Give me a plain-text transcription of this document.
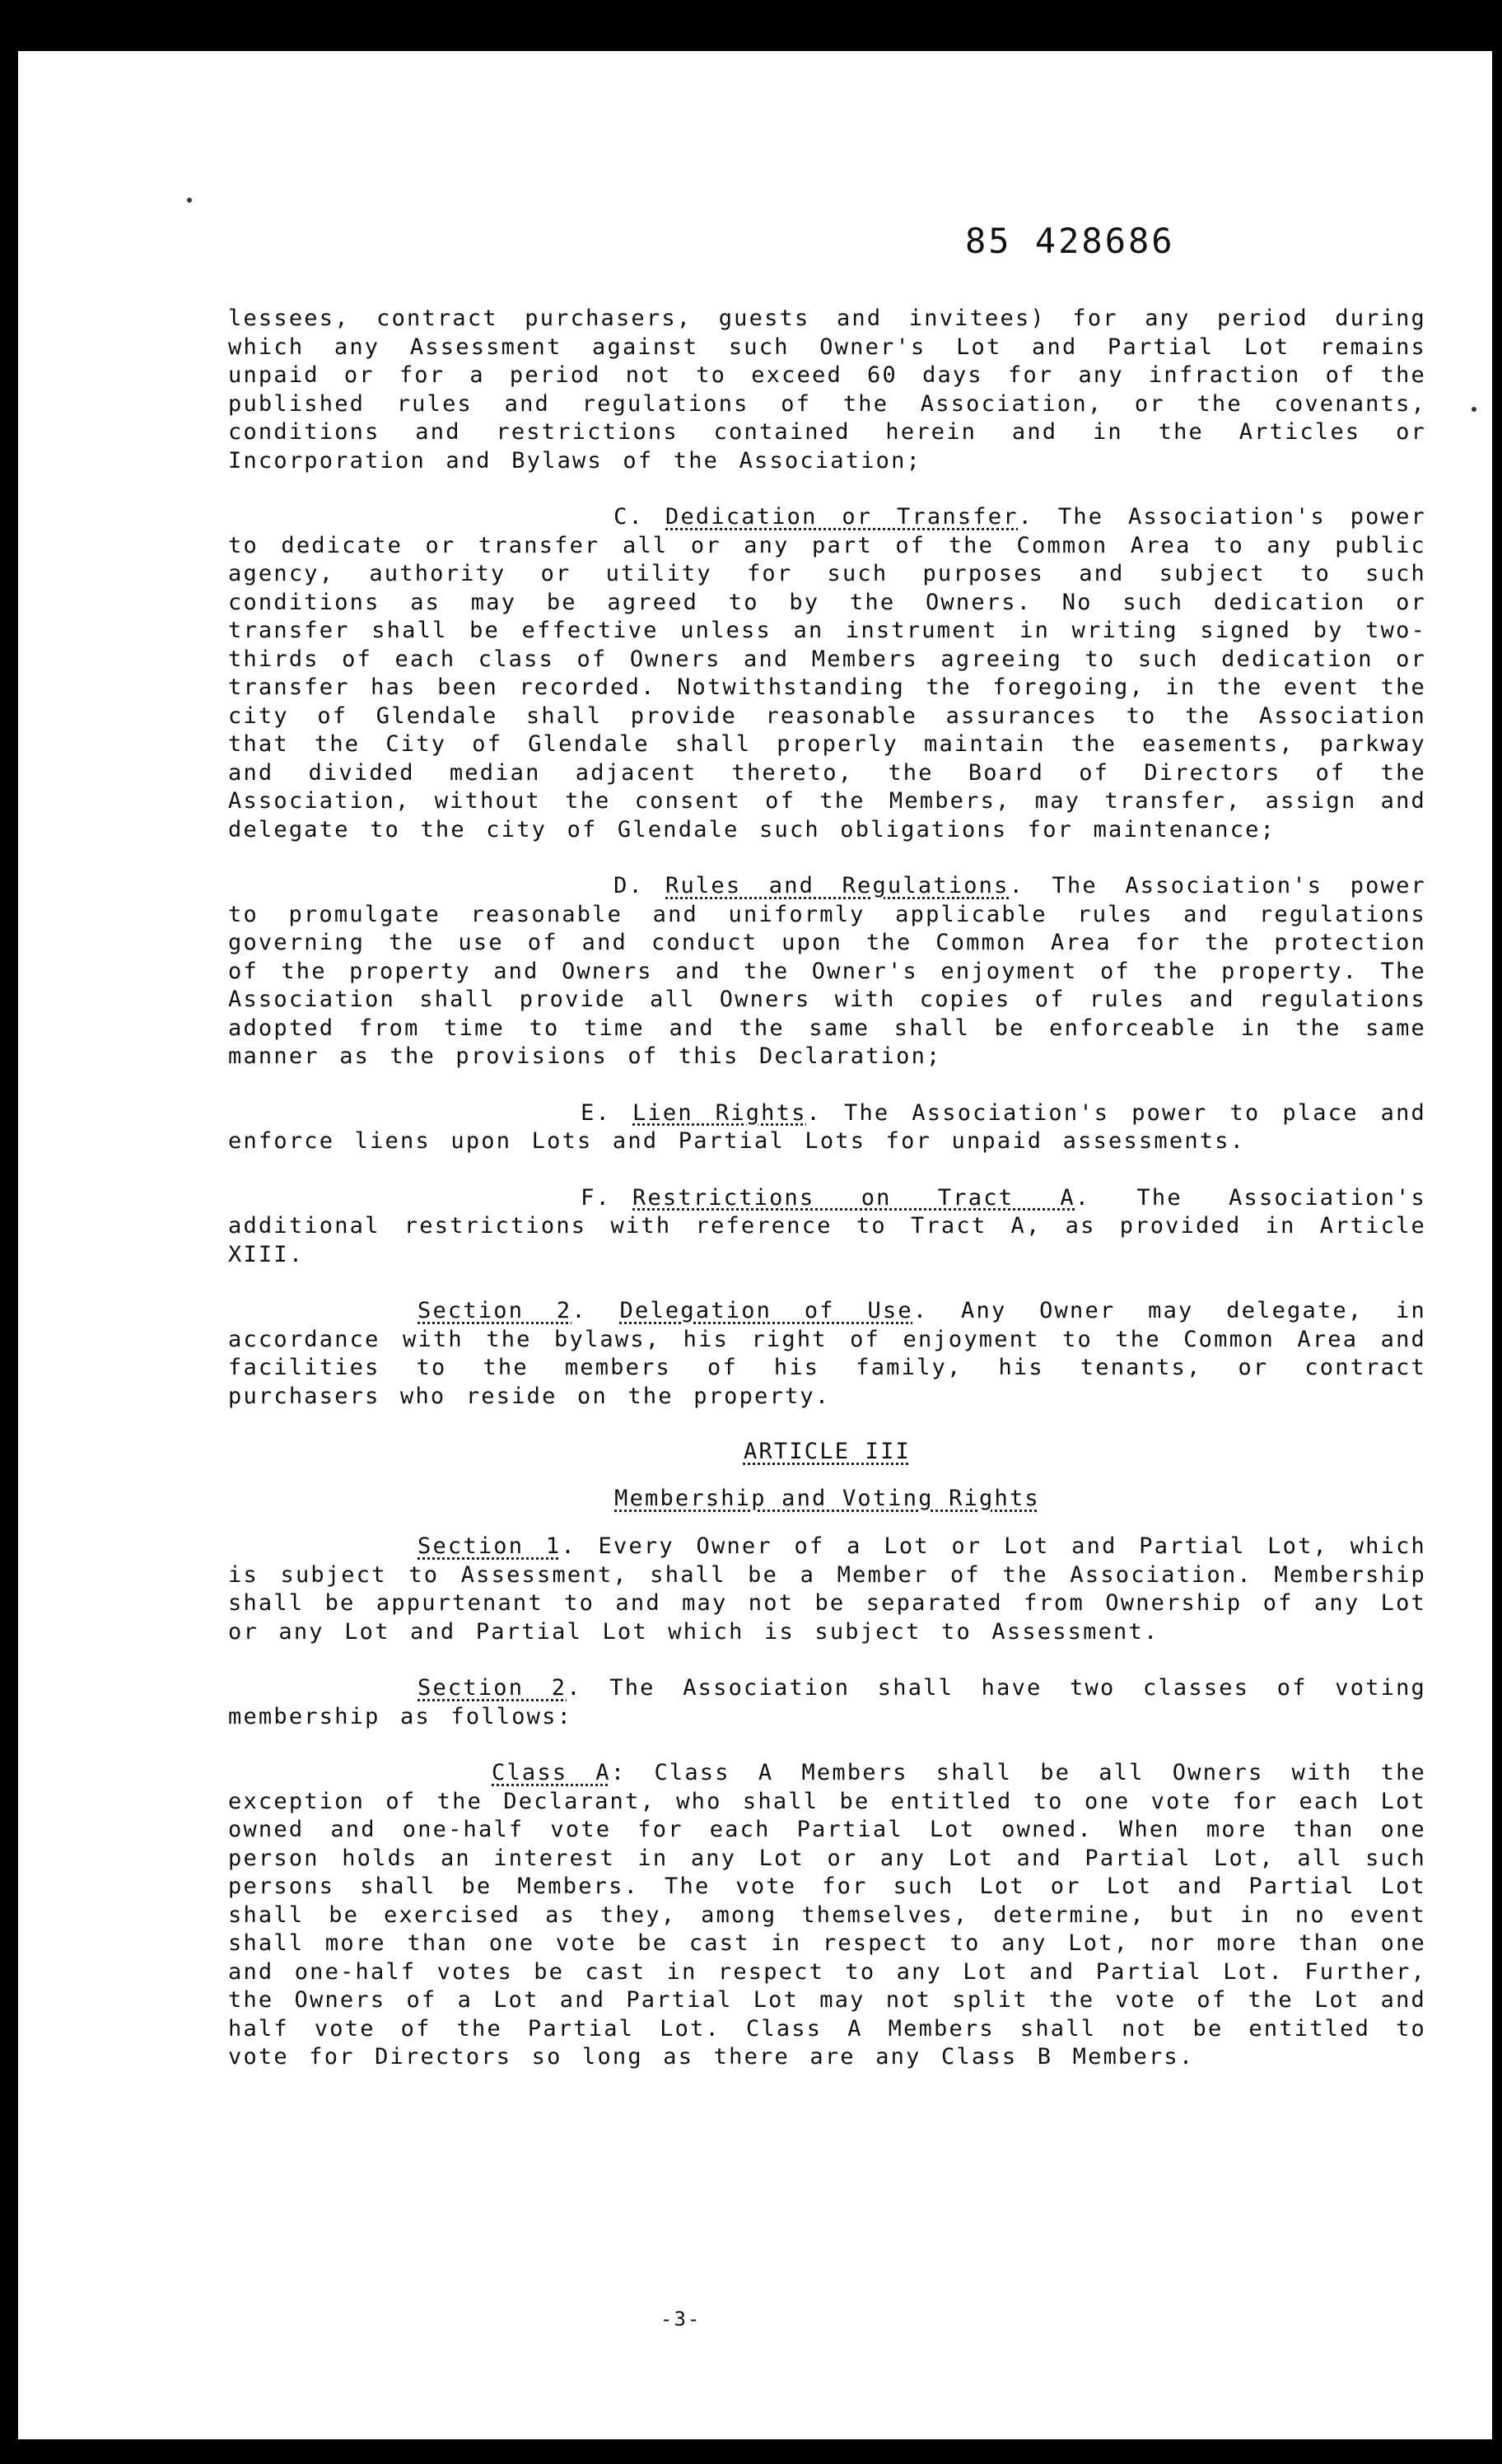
85 428686

lessees, contract purchasers, guests and invitees) for any period during which any Assessment against such Owner's Lot and Partial Lot remains unpaid or for a period not to exceed 60 days for any infraction of the published rules and regulations of the Association, or the covenants, conditions and restrictions contained herein and in the Articles or Incorporation and Bylaws of the Association;

C. Dedication or Transfer. The Association's power to dedicate or transfer all or any part of the Common Area to any public agency, authority or utility for such purposes and subject to such conditions as may be agreed to by the Owners. No such dedication or transfer shall be effective unless an instrument in writing signed by two-thirds of each class of Owners and Members agreeing to such dedication or transfer has been recorded. Notwithstanding the foregoing, in the event the city of Glendale shall provide reasonable assurances to the Association that the City of Glendale shall properly maintain the easements, parkway and divided median adjacent thereto, the Board of Directors of the Association, without the consent of the Members, may transfer, assign and delegate to the city of Glendale such obligations for maintenance;

D. Rules and Regulations. The Association's power to promulgate reasonable and uniformly applicable rules and regulations governing the use of and conduct upon the Common Area for the protection of the property and Owners and the Owner's enjoyment of the property. The Association shall provide all Owners with copies of rules and regulations adopted from time to time and the same shall be enforceable in the same manner as the provisions of this Declaration;

E. Lien Rights. The Association's power to place and enforce liens upon Lots and Partial Lots for unpaid assessments.

F. Restrictions on Tract A. The Association's additional restrictions with reference to Tract A, as provided in Article XIII.

Section 2. Delegation of Use. Any Owner may delegate, in accordance with the bylaws, his right of enjoyment to the Common Area and facilities to the members of his family, his tenants, or contract purchasers who reside on the property.

ARTICLE III

Membership and Voting Rights

Section 1. Every Owner of a Lot or Lot and Partial Lot, which is subject to Assessment, shall be a Member of the Association. Membership shall be appurtenant to and may not be separated from Ownership of any Lot or any Lot and Partial Lot which is subject to Assessment.

Section 2. The Association shall have two classes of voting membership as follows:

Class A: Class A Members shall be all Owners with the exception of the Declarant, who shall be entitled to one vote for each Lot owned and one-half vote for each Partial Lot owned. When more than one person holds an interest in any Lot or any Lot and Partial Lot, all such persons shall be Members. The vote for such Lot or Lot and Partial Lot shall be exercised as they, among themselves, determine, but in no event shall more than one vote be cast in respect to any Lot, nor more than one and one-half votes be cast in respect to any Lot and Partial Lot. Further, the Owners of a Lot and Partial Lot may not split the vote of the Lot and half vote of the Partial Lot. Class A Members shall not be entitled to vote for Directors so long as there are any Class B Members.

-3-
